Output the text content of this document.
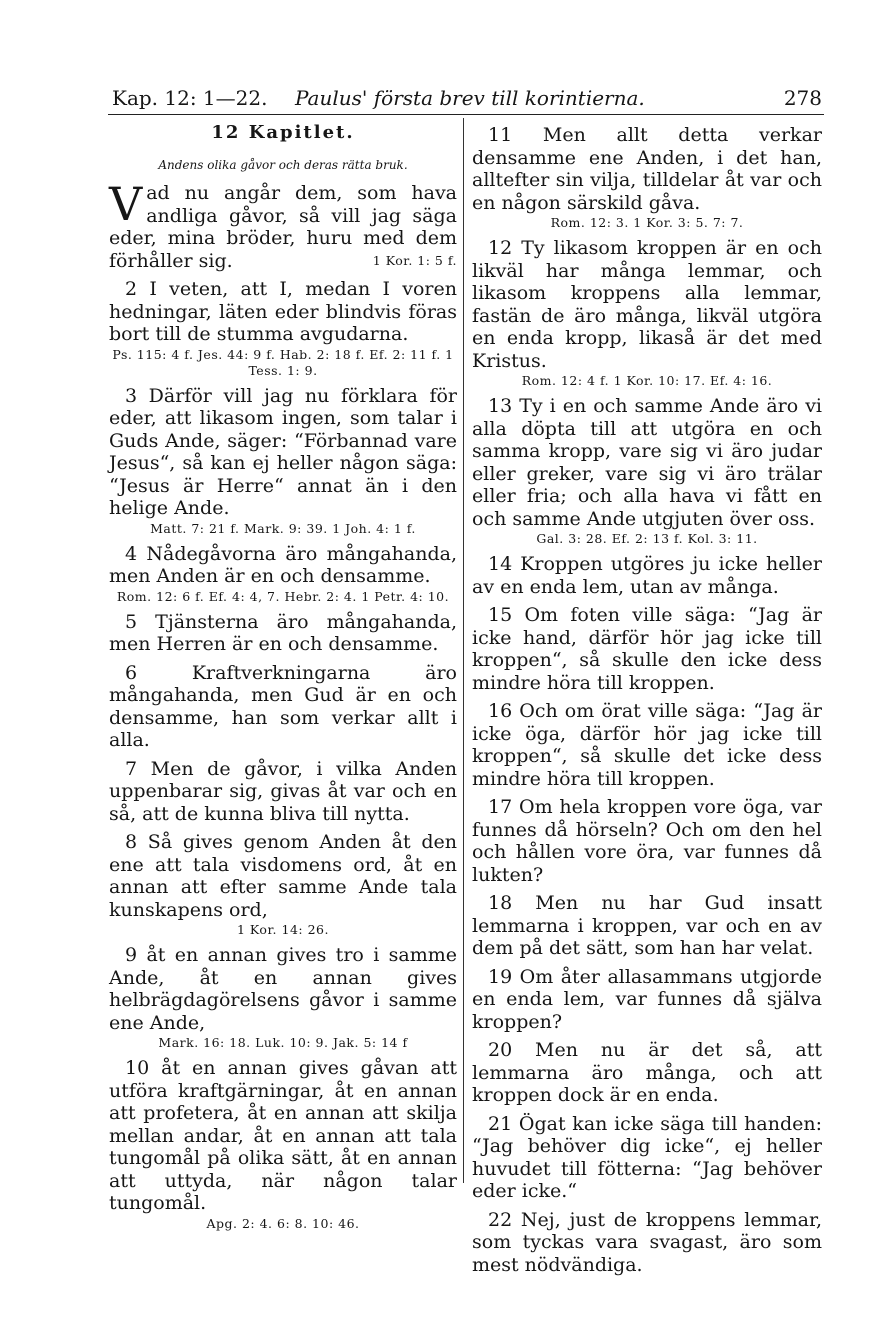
Kap. 12: 1—22. Paulus' första brev till korintierna.	278
12 Kapitlet.
Andens olika gåvor och deras rätta bruk.
V ad nu angår dem, som hava andliga gåvor, så vill jag säga eder, mina bröder, huru med dem förhåller sig.	1 Kor. 1: 5 f.
2 I veten, att I, medan I voren hedningar, läten eder blindvis föras bort till de stumma avgudarna.
Ps. 115: 4 f. Jes. 44: 9 f. Hab. 2: 18 f. Ef. 2: 11 f. 1 Tess. 1: 9.
3 Därför vill jag nu förklara för eder, att likasom ingen, som talar i Guds Ande, säger: “Förbannad vare Jesus“, så kan ej heller någon säga: “Jesus är Herre“ annat än i den helige Ande.
Matt. 7: 21 f. Mark. 9: 39. 1 Joh. 4: 1 f.
4 Nådegåvorna äro mångahanda, men Anden är en och densamme.
Rom. 12: 6 f. Ef. 4: 4, 7. Hebr. 2: 4. 1 Petr. 4: 10.
5 Tjänsterna äro mångahanda, men Herren är en och densamme.
6 Kraftverkningarna äro mångahanda, men Gud är en och densamme, han som verkar allt i alla.
7 Men de gåvor, i vilka Anden uppenbarar sig, givas åt var och en så, att de kunna bliva till nytta.
8 Så gives genom Anden åt den ene att tala visdomens ord, åt en annan att efter samme Ande tala kunskapens ord,
1 Kor. 14: 26.
9 åt en annan gives tro i samme Ande, åt en annan gives helbrägdagörelsens gåvor i samme ene Ande,
Mark. 16: 18. Luk. 10: 9. Jak. 5: 14 f
10 åt en annan gives gåvan att utföra kraftgärningar, åt en annan att profetera, åt en annan att skilja mellan andar, åt en annan att tala tungomål på olika sätt, åt en annan att uttyda, när någon talar tungomål.
Apg. 2: 4. 6: 8. 10: 46.
11 Men allt detta verkar densamme ene Anden, i det han, alltefter sin vilja, tilldelar åt var och en någon särskild gåva.
Rom. 12: 3. 1 Kor. 3: 5. 7: 7.
12 Ty likasom kroppen är en och likväl har många lemmar, och likasom kroppens alla lemmar, fastän de äro många, likväl utgöra en enda kropp, likaså är det med Kristus.
Rom. 12: 4 f. 1 Kor. 10: 17. Ef. 4: 16.
13 Ty i en och samme Ande äro vi alla döpta till att utgöra en och samma kropp, vare sig vi äro judar eller greker, vare sig vi äro trälar eller fria; och alla hava vi fått en och samme Ande utgjuten över oss.
Gal. 3: 28. Ef. 2: 13 f. Kol. 3: 11.
14 Kroppen utgöres ju icke heller av en enda lem, utan av många.
15 Om foten ville säga: “Jag är icke hand, därför hör jag icke till kroppen“, så skulle den icke dess mindre höra till kroppen.
16 Och om örat ville säga: “Jag är icke öga, därför hör jag icke till kroppen“, så skulle det icke dess mindre höra till kroppen.
17 Om hela kroppen vore öga, var funnes då hörseln? Och om den hel och hållen vore öra, var funnes då lukten?
18 Men nu har Gud insatt lemmarna i kroppen, var och en av dem på det sätt, som han har velat.
19 Om åter allasammans utgjorde en enda lem, var funnes då själva kroppen?
20 Men nu är det så, att lemmarna äro många, och att kroppen dock är en enda.
21 Ögat kan icke säga till handen: “Jag behöver dig icke“, ej heller huvudet till fötterna: “Jag behöver eder icke.“
22 Nej, just de kroppens lemmar, som tyckas vara svagast, äro som mest nödvändiga.
